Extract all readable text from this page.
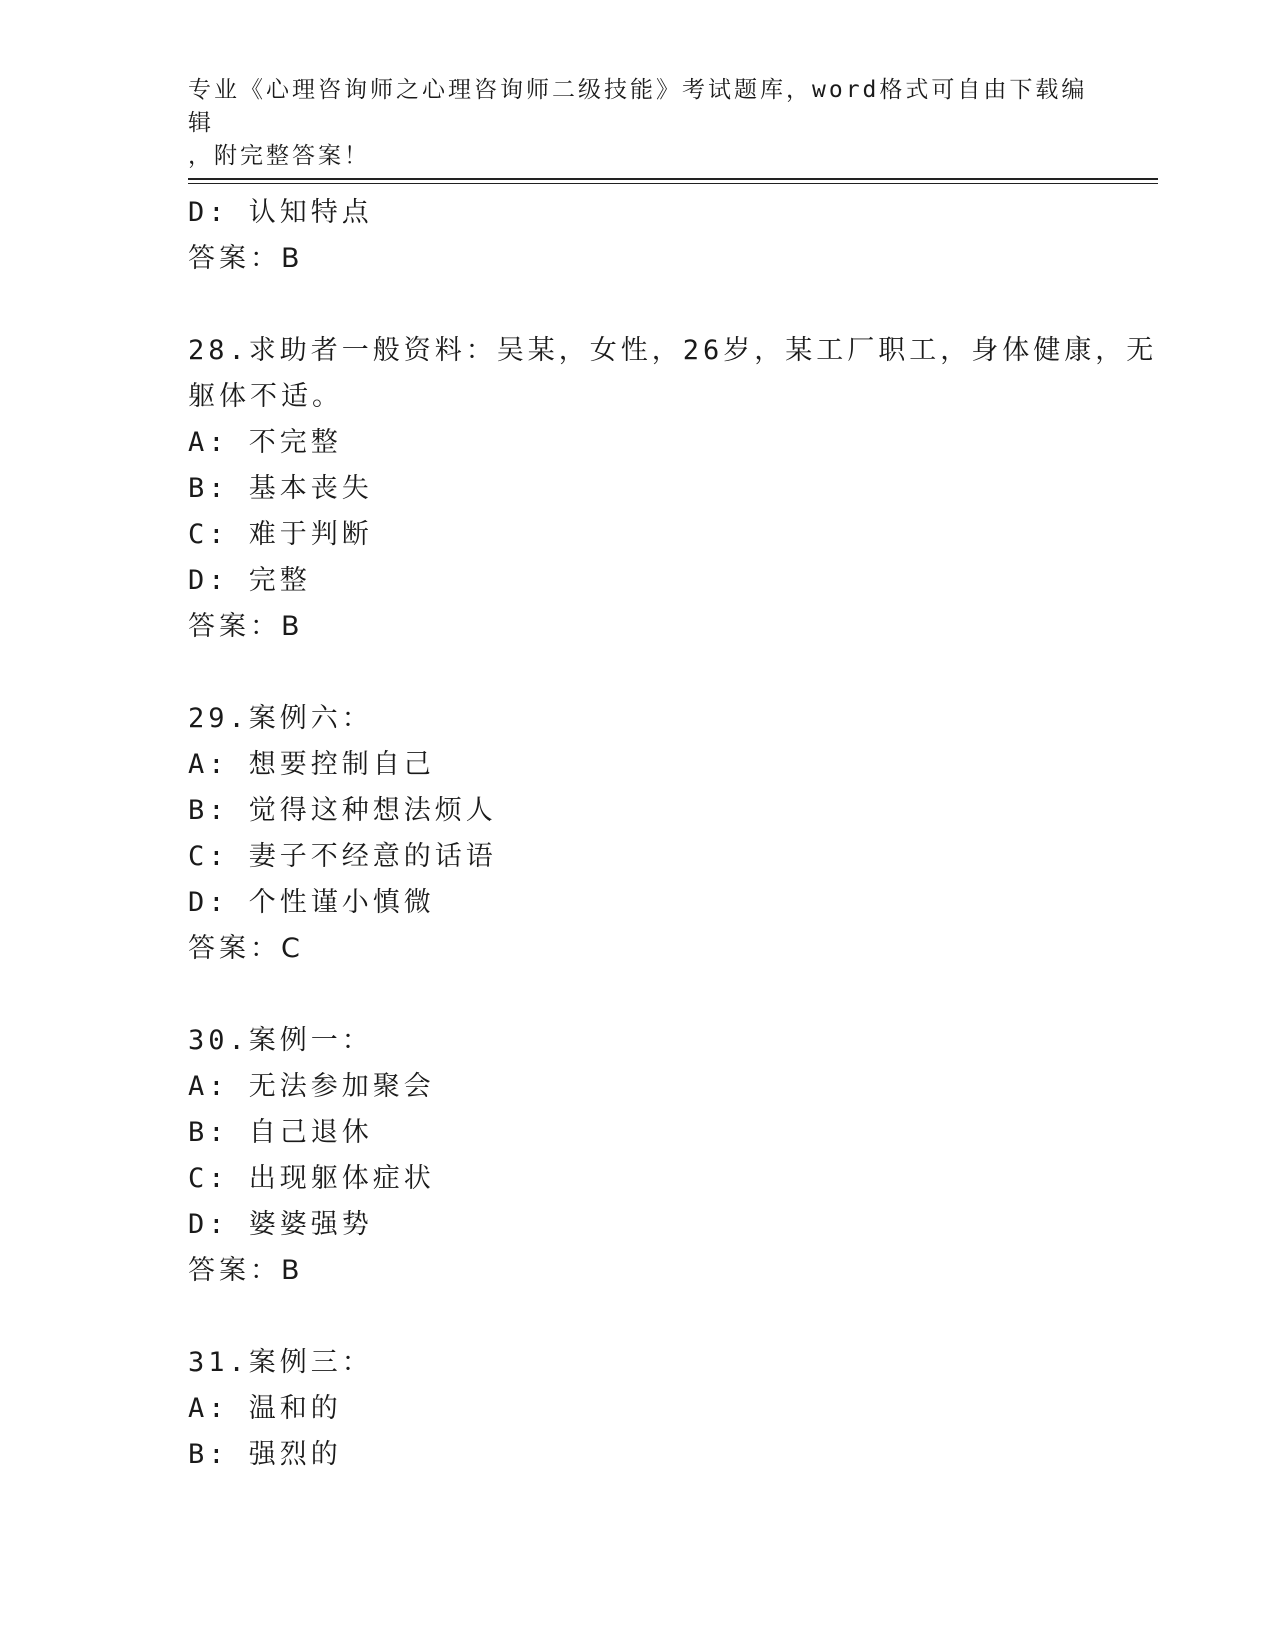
专业《心理咨询师之心理咨询师二级技能》考试题库，word格式可自由下载编辑
，附完整答案！
D: 认知特点
答案：B
28.求助者一般资料：吴某，女性，26岁，某工厂职工，身体健康，无
躯体不适。
A: 不完整
B: 基本丧失
C: 难于判断
D: 完整
答案：B
29.案例六：
A: 想要控制自己
B: 觉得这种想法烦人
C: 妻子不经意的话语
D: 个性谨小慎微
答案：C
30.案例一：
A: 无法参加聚会
B: 自己退休
C: 出现躯体症状
D: 婆婆强势
答案：B
31.案例三：
A: 温和的
B: 强烈的
